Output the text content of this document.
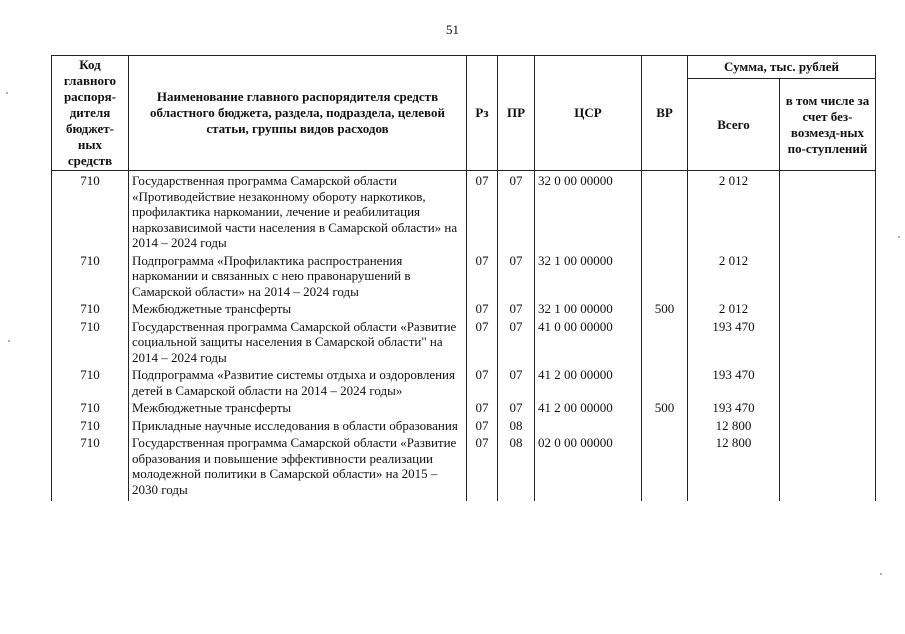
51
Код главного распоря-дителя бюджет-ных средств	Наименование главного распорядителя средств областного бюджета, раздела, подраздела, целевой статьи, группы видов расходов	Рз	ПР	ЦСР	ВР	Сумма, тыс. рублей	
						Всего	в том числе за счет без-возмезд-ных по-ступлений
710	Государственная программа Самарской области «Противодействие незаконному обороту наркотиков, профилактика наркомании, лечение и реабилитация наркозависимой части населения в Самарской области» на 2014 – 2024 годы	07	07	32 0 00 00000		2 012	
710	Подпрограмма «Профилактика распространения наркомании и связанных с нею правонарушений в Самарской области» на 2014 – 2024 годы	07	07	32 1 00 00000		2 012	
710	Межбюджетные трансферты	07	07	32 1 00 00000	500	2 012	
710	Государственная программа Самарской области «Развитие социальной защиты населения в Самарской области" на 2014 – 2024 годы	07	07	41 0 00 00000		193 470	
710	Подпрограмма «Развитие системы отдыха и оздоровления детей в Самарской области на 2014 – 2024 годы»	07	07	41 2 00 00000		193 470	
710	Межбюджетные трансферты	07	07	41 2 00 00000	500	193 470	
710	Прикладные научные исследования в области образования	07	08			12 800	
710	Государственная программа Самарской области «Развитие образования и повышение эффективности реализации молодежной политики в Самарской области» на 2015 – 2030 годы	07	08	02 0 00 00000		12 800	
